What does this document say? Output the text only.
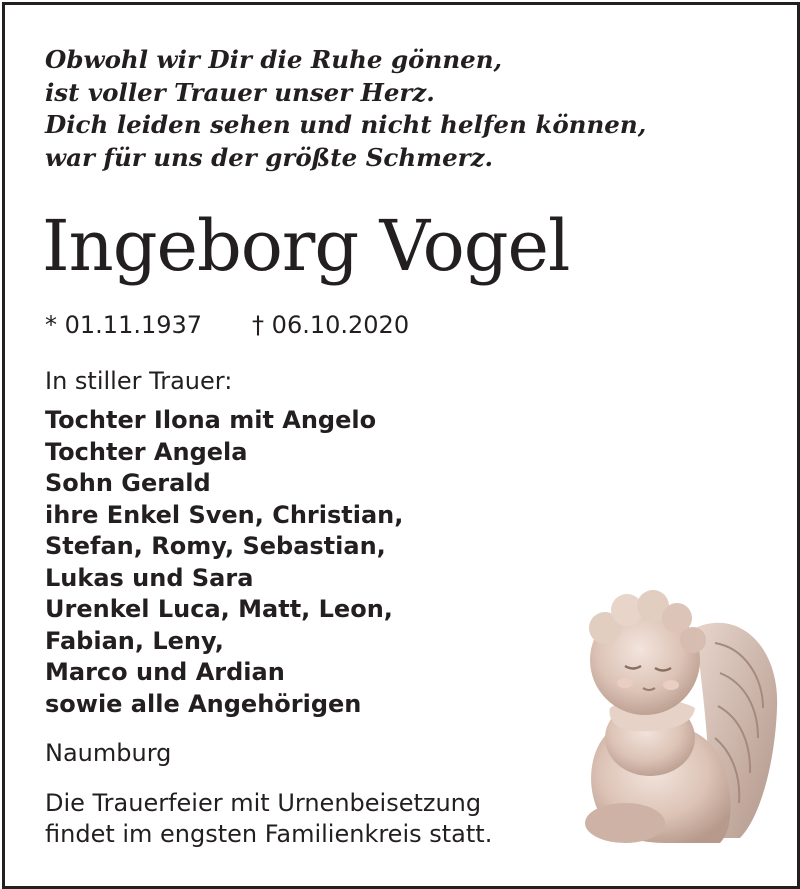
Obwohl wir Dir die Ruhe gönnen,
ist voller Trauer unser Herz.
Dich leiden sehen und nicht helfen können,
war für uns der größte Schmerz.
Ingeborg Vogel
* 01.11.1937 † 06.10.2020
In stiller Trauer:
Tochter Ilona mit Angelo
Tochter Angela
Sohn Gerald
ihre Enkel Sven, Christian,
Stefan, Romy, Sebastian,
Lukas und Sara
Urenkel Luca, Matt, Leon,
Fabian, Leny,
Marco und Ardian
sowie alle Angehörigen
Naumburg
Die Trauerfeier mit Urnenbeisetzung
findet im engsten Familienkreis statt.
